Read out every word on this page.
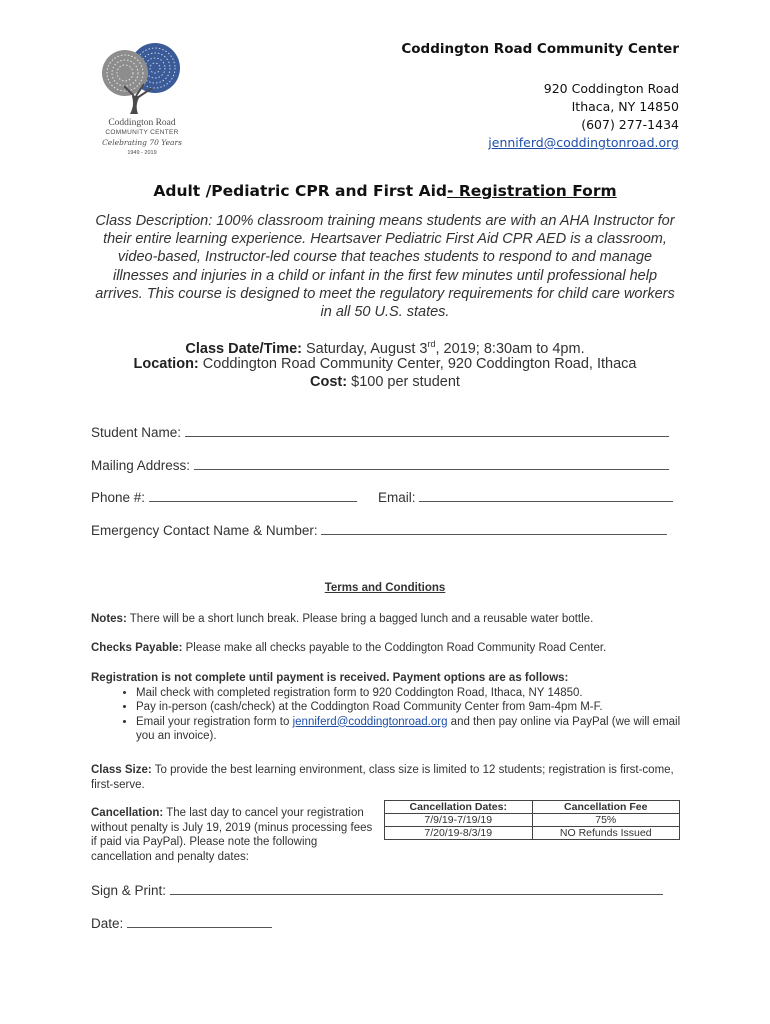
Coddington Road
COMMUNITY CENTER
Celebrating 70 Years
1949 - 2019
Coddington Road Community Center
920 Coddington Road
Ithaca, NY 14850
(607) 277-1434
jenniferd@coddingtonroad.org
Adult /Pediatric CPR and First Aid- Registration Form
Class Description: 100% classroom training means students are with an AHA Instructor for their entire learning experience. Heartsaver Pediatric First Aid CPR AED is a classroom, video-based, Instructor-led course that teaches students to respond to and manage illnesses and injuries in a child or infant in the first few minutes until professional help arrives. This course is designed to meet the regulatory requirements for child care workers in all 50 U.S. states.
Class Date/Time: Saturday, August 3rd, 2019; 8:30am to 4pm.
Location: Coddington Road Community Center, 920 Coddington Road, Ithaca
Cost: $100 per student
Student Name:
Mailing Address:
Phone #:	Email:
Emergency Contact Name & Number:
Terms and Conditions
Notes: There will be a short lunch break. Please bring a bagged lunch and a reusable water bottle.
Checks Payable: Please make all checks payable to the Coddington Road Community Road Center.
Registration is not complete until payment is received. Payment options are as follows:
• Mail check with completed registration form to 920 Coddington Road, Ithaca, NY 14850.
• Pay in-person (cash/check) at the Coddington Road Community Center from 9am-4pm M-F.
• Email your registration form to jenniferd@coddingtonroad.org and then pay online via PayPal (we will email you an invoice).
Class Size: To provide the best learning environment, class size is limited to 12 students; registration is first-come, first-serve.
Cancellation: The last day to cancel your registration without penalty is July 19, 2019 (minus processing fees if paid via PayPal). Please note the following cancellation and penalty dates:
Cancellation Dates:	Cancellation Fee
7/9/19-7/19/19	75%
7/20/19-8/3/19	NO Refunds Issued
Sign & Print:
Date:
